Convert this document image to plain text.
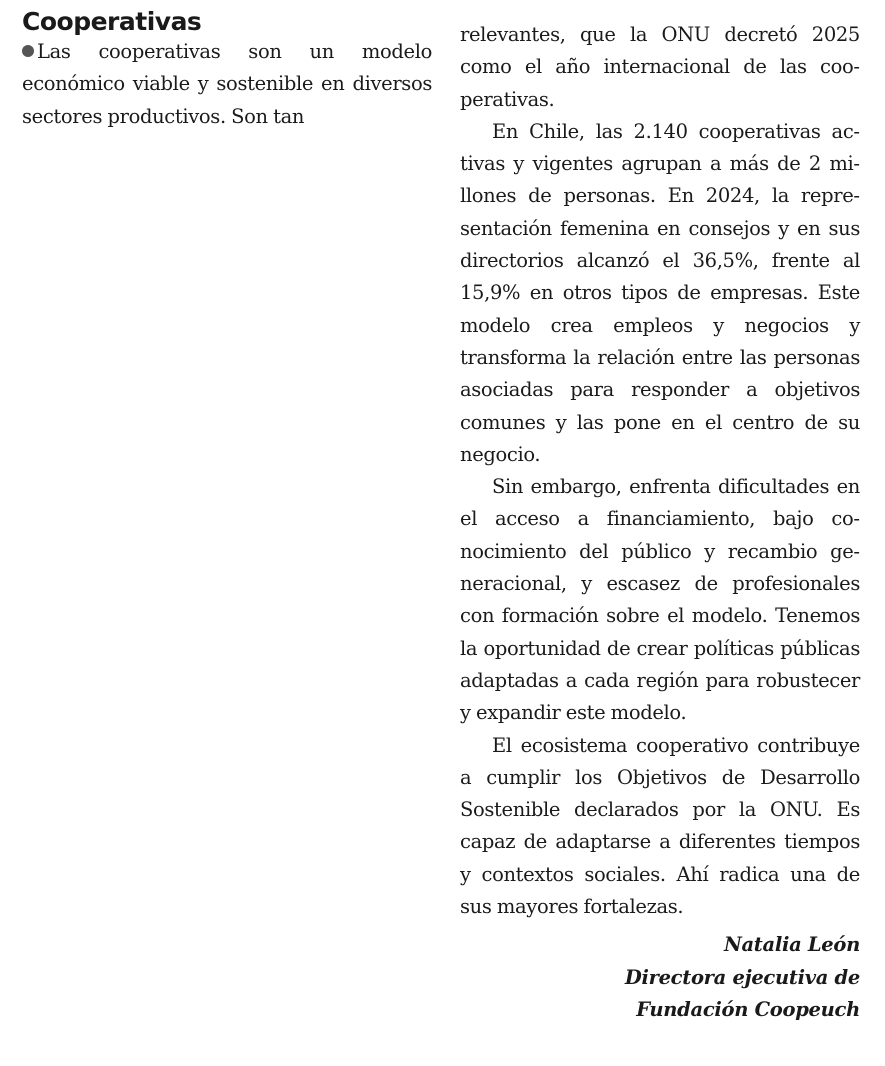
Cooperativas

Las cooperativas son un modelo económico viable y sostenible en diversos sectores productivos. Son tan

relevantes, que la ONU decretó 2025 como el año internacional de las cooperativas.

En Chile, las 2.140 cooperativas activas y vigentes agrupan a más de 2 millones de personas. En 2024, la representación femenina en consejos y en sus directorios alcanzó el 36,5%, frente al 15,9% en otros tipos de empresas. Este modelo crea empleos y negocios y transforma la relación entre las personas asociadas para responder a objetivos comunes y las pone en el centro de su negocio.

Sin embargo, enfrenta dificultades en el acceso a financiamiento, bajo conocimiento del público y recambio generacional, y escasez de profesionales con formación sobre el modelo. Tenemos la oportunidad de crear políticas públicas adaptadas a cada región para robustecer y expandir este modelo.

El ecosistema cooperativo contribuye a cumplir los Objetivos de Desarrollo Sostenible declarados por la ONU. Es capaz de adaptarse a diferentes tiempos y contextos sociales. Ahí radica una de sus mayores fortalezas.

Natalia León
Directora ejecutiva de
Fundación Coopeuch
